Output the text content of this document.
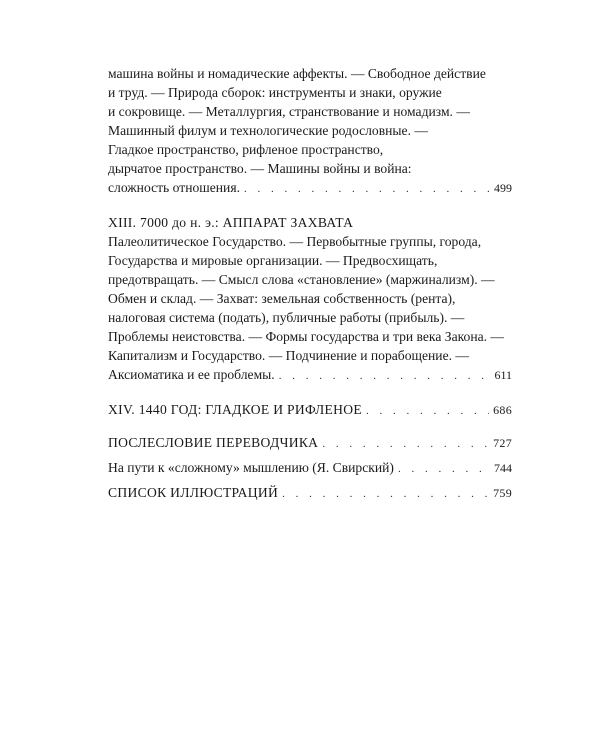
машина войны и номадические аффекты. — Свободное действие
и труд. — Природа сборок: инструменты и знаки, оружие
и сокровище. — Металлургия, странствование и номадизм. —
Машинный филум и технологические родословные. —
Гладкое пространство, рифленое пространство,
дырчатое пространство. — Машины войны и война:
сложность отношения. . . .	499
XIII. 7000 до н. э.: АППАРАТ ЗАХВАТА
Палеолитическое Государство. — Первобытные группы, города,
Государства и мировые организации. — Предвосхищать,
предотвращать. — Смысл слова «становление» (маржинализм). —
Обмен и склад. — Захват: земельная собственность (рента),
налоговая система (подать), публичные работы (прибыль). —
Проблемы неистовства. — Формы государства и три века Закона. —
Капитализм и Государство. — Подчинение и порабощение. —
Аксиоматика и ее проблемы. . . .	611
XIV. 1440 ГОД: ГЛАДКОЕ И РИФЛЕНОЕ . . .	686
ПОСЛЕСЛОВИЕ ПЕРЕВОДЧИКА . . .	727
На пути к «сложному» мышлению (Я. Свирский) . . .	744
СПИСОК ИЛЛЮСТРАЦИЙ . . .	759
